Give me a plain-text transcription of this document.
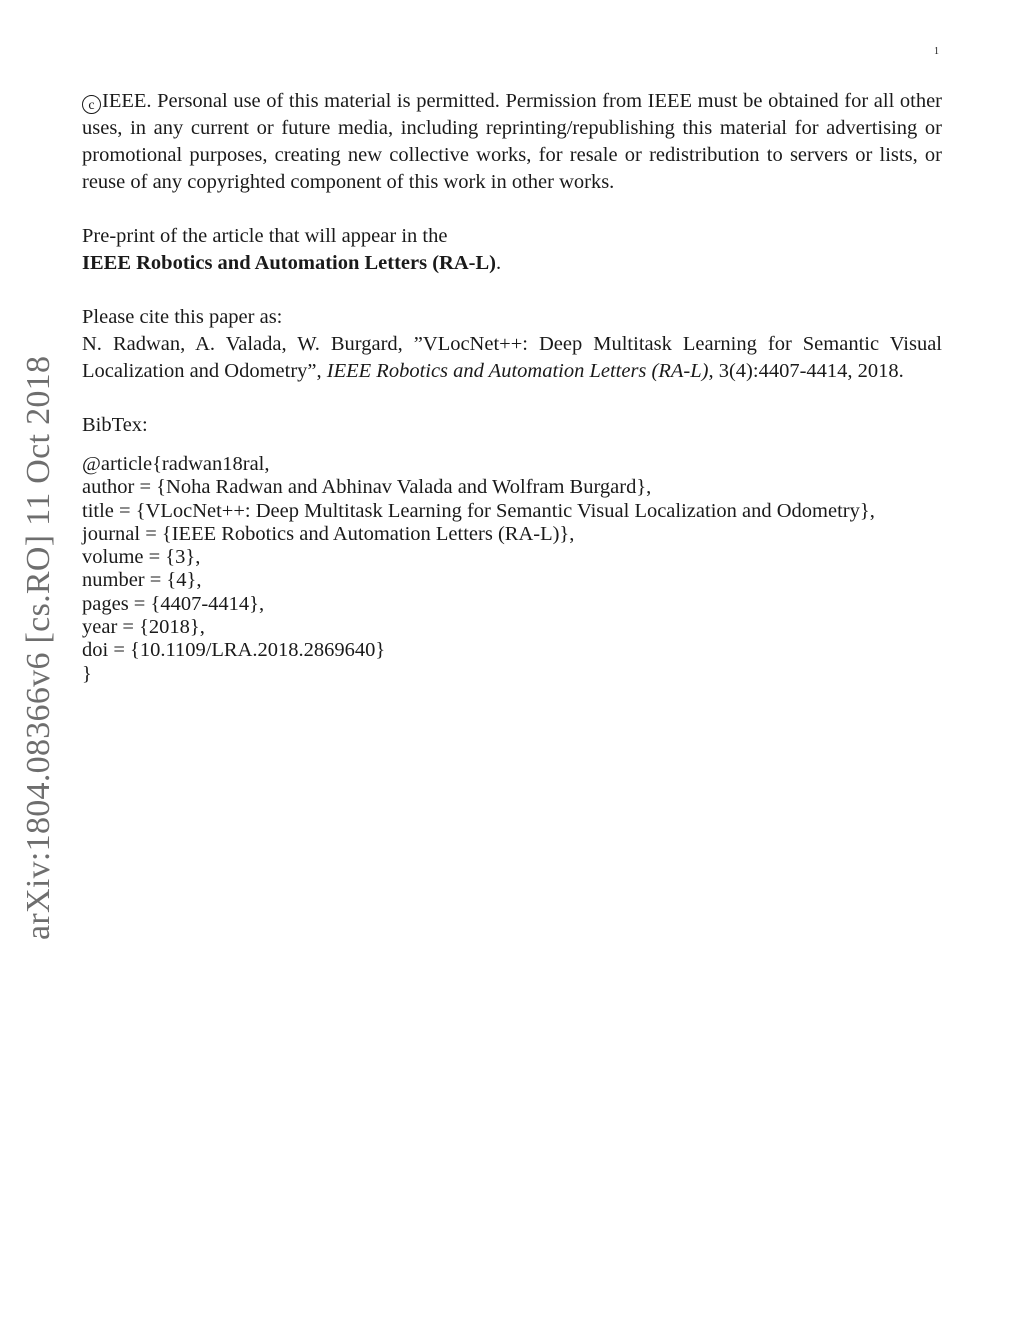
1
arXiv:1804.08366v6 [cs.RO] 11 Oct 2018

c IEEE. Personal use of this material is permitted. Permission from IEEE must be obtained for all other uses, in any current or future media, including reprinting/republishing this material for advertising or promotional purposes, creating new collective works, for resale or redistribution to servers or lists, or reuse of any copyrighted component of this work in other works.

Pre-print of the article that will appear in the

IEEE Robotics and Automation Letters (RA-L).

Please cite this paper as:

N. Radwan, A. Valada, W. Burgard, ”VLocNet++: Deep Multitask Learning for Semantic Visual Localization and Odometry”, IEEE Robotics and Automation Letters (RA-L), 3(4):4407-4414, 2018.

BibTex:

@article{radwan18ral,
author = {Noha Radwan and Abhinav Valada and Wolfram Burgard},
title = {VLocNet++: Deep Multitask Learning for Semantic Visual Localization and Odometry},
journal = {IEEE Robotics and Automation Letters (RA-L)},
volume = {3},
number = {4},
pages = {4407-4414},
year = {2018},
doi = {10.1109/LRA.2018.2869640}
}
